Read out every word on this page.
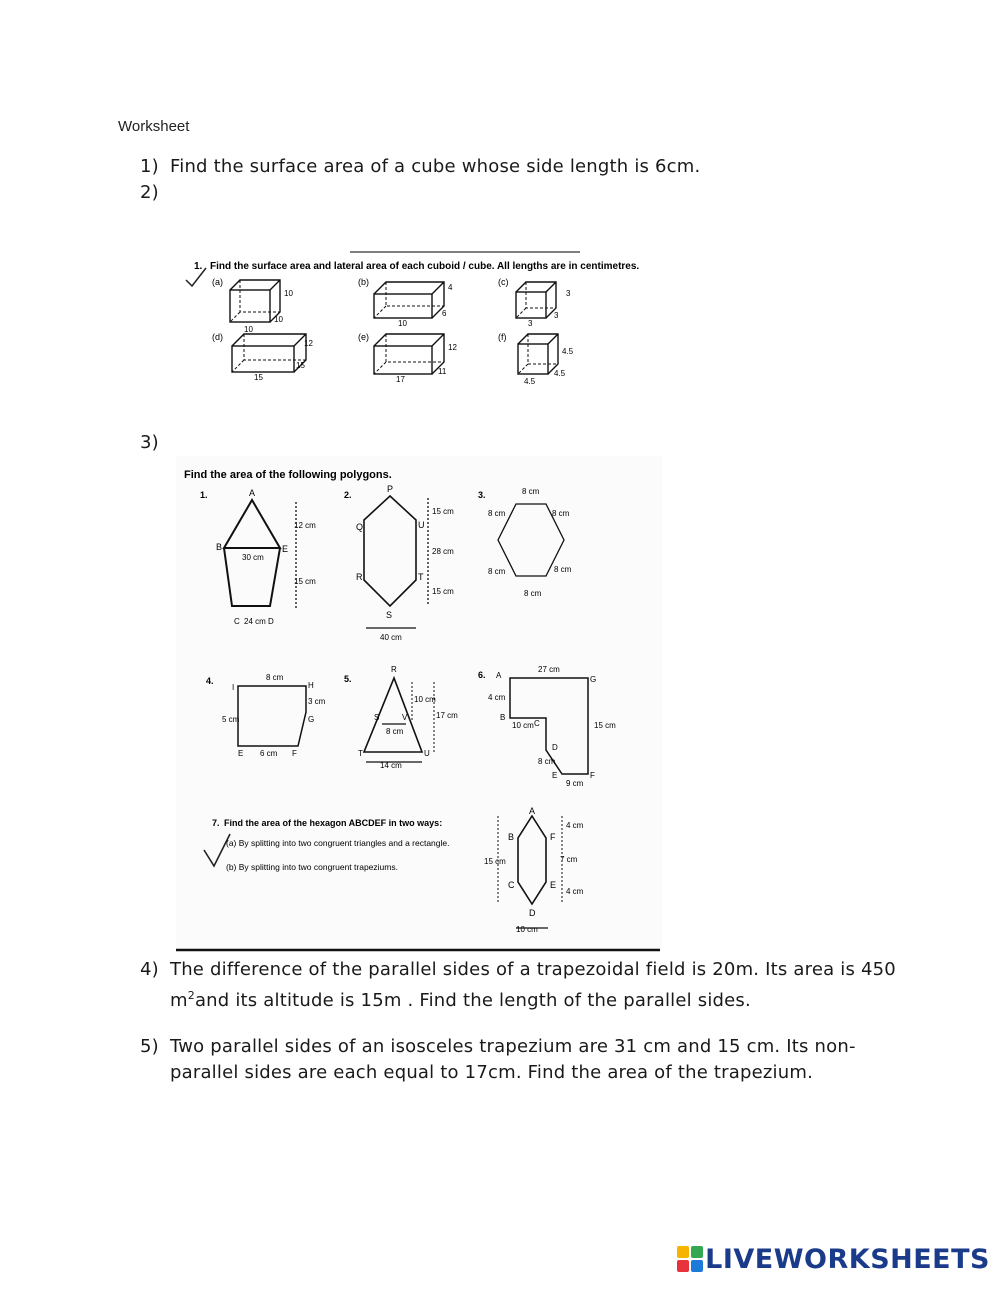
Worksheet
1) Find the surface area of a cube whose side length is 6cm.
2)
1. Find the surface area and lateral area of each cuboid / cube. All lengths are in centimetres.
(a)
10
10
10
(b)
4
6
10
(c)
3
3
3
(d)
12
15
15
(e)
12
11
17
(f)
4.5
4.5
4.5
3)
Find the area of the following polygons.
1.	A
B	E
30 cm
12 cm
15 cm
C 24 cm D
2.
P
Q	U
R	T
S
15 cm
28 cm
15 cm
40 cm
3.	8 cm
8 cm	8 cm
8 cm	8 cm
8 cm
4.	8 cm
I	H
3 cm
G
5 cm
E 6 cm F
5.
R
S	V
8 cm
T	U
10 cm
17 cm
14 cm
6.
27 cm
A
4 cm
B
10 cm C
G
15 cm
D
8 cm
E
9 cm
F
7. Find the area of the hexagon ABCDEF in two ways:
(a) By splitting into two congruent triangles and a rectangle.
(b) By splitting into two congruent trapeziums.
A
B	F
C	E
D
15 cm
4 cm
7 cm
4 cm
10 cm
4) The difference of the parallel sides of a trapezoidal field is 20m. Its area is 450 $m^2and$ its altitude is 15m . Find the length of the parallel sides.
5) Two parallel sides of an isosceles trapezium are 31 cm and 15 cm. Its non-parallel sides are each equal to 17cm. Find the area of the trapezium.
LIVEWORKSHEETS
